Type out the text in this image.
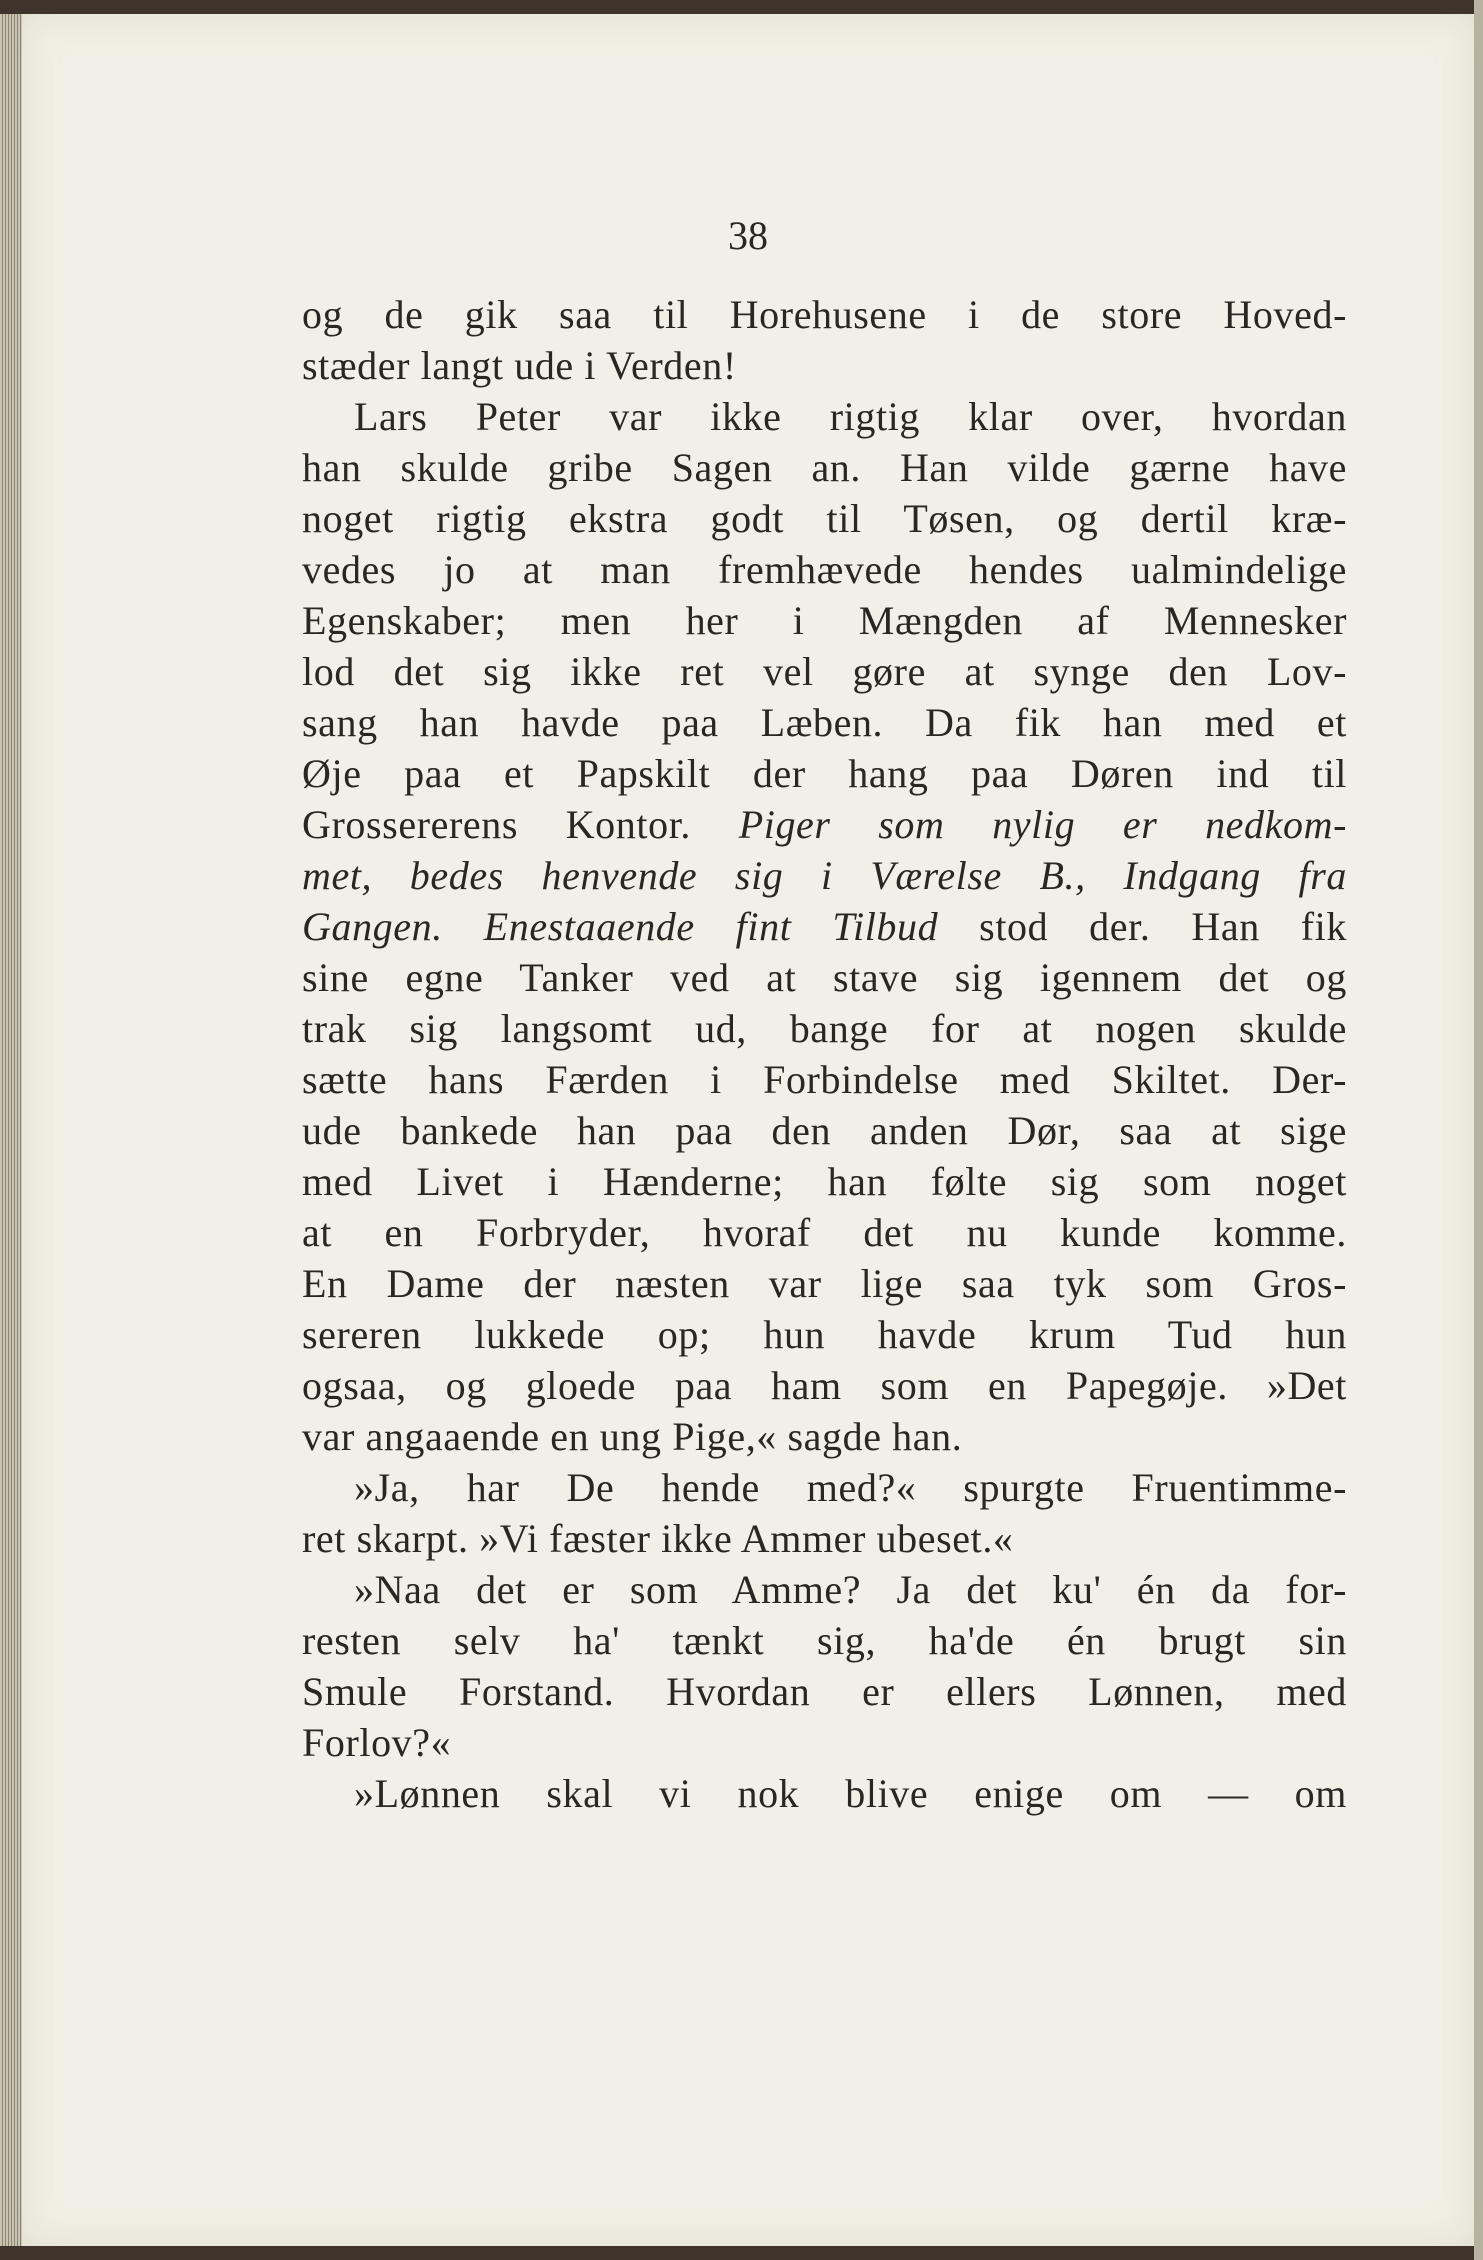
38
og de gik saa til Horehusene i de store Hoved-
stæder langt ude i Verden!
Lars Peter var ikke rigtig klar over, hvordan
han skulde gribe Sagen an. Han vilde gærne have
noget rigtig ekstra godt til Tøsen, og dertil kræ-
vedes jo at man fremhævede hendes ualmindelige
Egenskaber; men her i Mængden af Mennesker
lod det sig ikke ret vel gøre at synge den Lov-
sang han havde paa Læben. Da fik han med et
Øje paa et Papskilt der hang paa Døren ind til
Grossererens Kontor. Piger som nylig er nedkom-
met, bedes henvende sig i Værelse B., Indgang fra
Gangen. Enestaaende fint Tilbud stod der. Han fik
sine egne Tanker ved at stave sig igennem det og
trak sig langsomt ud, bange for at nogen skulde
sætte hans Færden i Forbindelse med Skiltet. Der-
ude bankede han paa den anden Dør, saa at sige
med Livet i Hænderne; han følte sig som noget
at en Forbryder, hvoraf det nu kunde komme.
En Dame der næsten var lige saa tyk som Gros-
sereren lukkede op; hun havde krum Tud hun
ogsaa, og gloede paa ham som en Papegøje. »Det
var angaaende en ung Pige,« sagde han.
»Ja, har De hende med?« spurgte Fruentimme-
ret skarpt. »Vi fæster ikke Ammer ubeset.«
»Naa det er som Amme? Ja det ku' én da for-
resten selv ha' tænkt sig, ha'de én brugt sin
Smule Forstand. Hvordan er ellers Lønnen, med
Forlov?«
»Lønnen skal vi nok blive enige om — om
